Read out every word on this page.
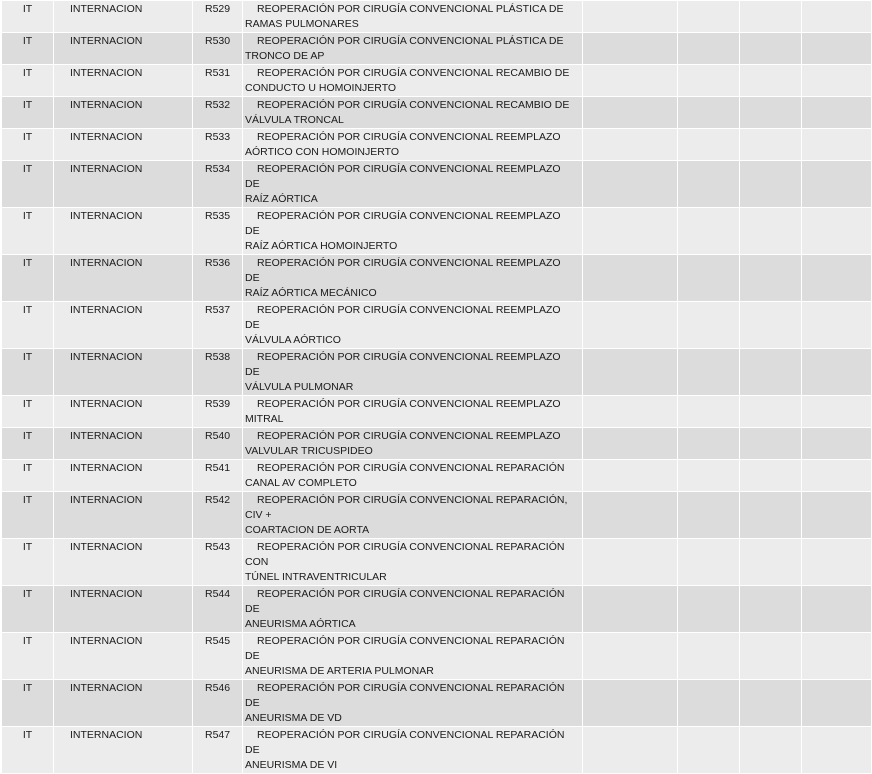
IT	INTERNACION	R529	REOPERACIÓN POR CIRUGÍA CONVENCIONAL PLÁSTICA DE
RAMAS PULMONARES				

IT	INTERNACION	R530	REOPERACIÓN POR CIRUGÍA CONVENCIONAL PLÁSTICA DE
TRONCO DE AP				

IT	INTERNACION	R531	REOPERACIÓN POR CIRUGÍA CONVENCIONAL RECAMBIO DE
CONDUCTO U HOMOINJERTO				

IT	INTERNACION	R532	REOPERACIÓN POR CIRUGÍA CONVENCIONAL RECAMBIO DE
VÁLVULA TRONCAL				

IT	INTERNACION	R533	REOPERACIÓN POR CIRUGÍA CONVENCIONAL REEMPLAZO
AÓRTICO CON HOMOINJERTO				

IT	INTERNACION	R534	REOPERACIÓN POR CIRUGÍA CONVENCIONAL REEMPLAZO DE
RAÍZ AÓRTICA				

IT	INTERNACION	R535	REOPERACIÓN POR CIRUGÍA CONVENCIONAL REEMPLAZO DE
RAÍZ AÓRTICA HOMOINJERTO				

IT	INTERNACION	R536	REOPERACIÓN POR CIRUGÍA CONVENCIONAL REEMPLAZO DE
RAÍZ AÓRTICA MECÁNICO				

IT	INTERNACION	R537	REOPERACIÓN POR CIRUGÍA CONVENCIONAL REEMPLAZO DE
VÁLVULA AÓRTICO				

IT	INTERNACION	R538	REOPERACIÓN POR CIRUGÍA CONVENCIONAL REEMPLAZO DE
VÁLVULA PULMONAR				

IT	INTERNACION	R539	REOPERACIÓN POR CIRUGÍA CONVENCIONAL REEMPLAZO
MITRAL				

IT	INTERNACION	R540	REOPERACIÓN POR CIRUGÍA CONVENCIONAL REEMPLAZO
VALVULAR TRICUSPIDEO				

IT	INTERNACION	R541	REOPERACIÓN POR CIRUGÍA CONVENCIONAL REPARACIÓN
CANAL AV COMPLETO				

IT	INTERNACION	R542	REOPERACIÓN POR CIRUGÍA CONVENCIONAL REPARACIÓN, CIV +
COARTACION DE AORTA				

IT	INTERNACION	R543	REOPERACIÓN POR CIRUGÍA CONVENCIONAL REPARACIÓN CON
TÚNEL INTRAVENTRICULAR				

IT	INTERNACION	R544	REOPERACIÓN POR CIRUGÍA CONVENCIONAL REPARACIÓN DE
ANEURISMA AÓRTICA				

IT	INTERNACION	R545	REOPERACIÓN POR CIRUGÍA CONVENCIONAL REPARACIÓN DE
ANEURISMA DE ARTERIA PULMONAR				

IT	INTERNACION	R546	REOPERACIÓN POR CIRUGÍA CONVENCIONAL REPARACIÓN DE
ANEURISMA DE VD				

IT	INTERNACION	R547	REOPERACIÓN POR CIRUGÍA CONVENCIONAL REPARACIÓN DE
ANEURISMA DE VI				
